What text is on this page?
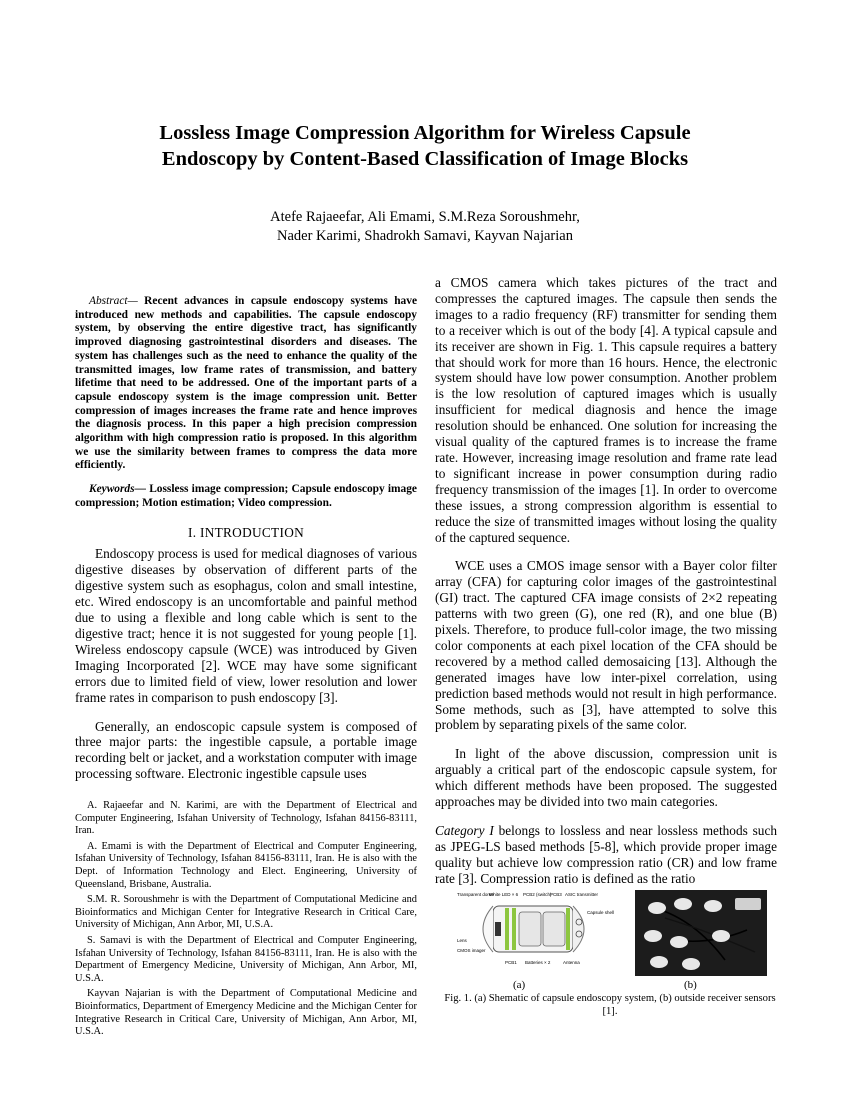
Lossless Image Compression Algorithm for Wireless Capsule
Endoscopy by Content-Based Classification of Image Blocks
Atefe Rajaeefar, Ali Emami, S.M.Reza Soroushmehr,
Nader Karimi, Shadrokh Samavi, Kayvan Najarian

Abstract— Recent advances in capsule endoscopy systems have introduced new methods and capabilities. The capsule endoscopy system, by observing the entire digestive tract, has significantly improved diagnosing gastrointestinal disorders and diseases. The system has challenges such as the need to enhance the quality of the transmitted images, low frame rates of transmission, and battery lifetime that need to be addressed. One of the important parts of a capsule endoscopy system is the image compression unit. Better compression of images increases the frame rate and hence improves the diagnosis process. In this paper a high precision compression algorithm with high compression ratio is proposed. In this algorithm we use the similarity between frames to compress the data more efficiently.

Keywords— Lossless image compression; Capsule endoscopy image compression; Motion estimation; Video compression.

I. INTRODUCTION

Endoscopy process is used for medical diagnoses of various digestive diseases by observation of different parts of the digestive system such as esophagus, colon and small intestine, etc. Wired endoscopy is an uncomfortable and painful method due to using a flexible and long cable which is sent to the digestive tract; hence it is not suggested for young people [1]. Wireless endoscopy capsule (WCE) was introduced by Given Imaging Incorporated [2]. WCE may have some significant errors due to limited field of view, lower resolution and lower frame rates in comparison to push endoscopy [3].

Generally, an endoscopic capsule system is composed of three major parts: the ingestible capsule, a portable image recording belt or jacket, and a workstation computer with image processing software. Electronic ingestible capsule uses

A. Rajaeefar and N. Karimi, are with the Department of Electrical and Computer Engineering, Isfahan University of Technology, Isfahan 84156-83111, Iran.

A. Emami is with the Department of Electrical and Computer Engineering, Isfahan University of Technology, Isfahan 84156-83111, Iran. He is also with the Dept. of Information Technology and Elect. Engineering, University of Queensland, Brisbane, Australia.

S.M. R. Soroushmehr is with the Department of Computational Medicine and Bioinformatics and Michigan Center for Integrative Research in Critical Care, University of Michigan, Ann Arbor, MI, U.S.A.

S. Samavi is with the Department of Electrical and Computer Engineering, Isfahan University of Technology, Isfahan 84156-83111, Iran. He is also with the Department of Emergency Medicine, University of Michigan, Ann Arbor, MI, U.S.A.

Kayvan Najarian is with the Department of Computational Medicine and Bioinformatics, Department of Emergency Medicine and the Michigan Center for Integrative Research in Critical Care, University of Michigan, Ann Arbor, MI, U.S.A.

a CMOS camera which takes pictures of the tract and compresses the captured images. The capsule then sends the images to a radio frequency (RF) transmitter for sending them to a receiver which is out of the body [4]. A typical capsule and its receiver are shown in Fig. 1. This capsule requires a battery that should work for more than 16 hours. Hence, the electronic system should have low power consumption. Another problem is the low resolution of captured images which is usually insufficient for medical diagnosis and hence the image resolution should be enhanced. One solution for increasing the visual quality of the captured frames is to increase the frame rate. However, increasing image resolution and frame rate lead to significant increase in power consumption during radio frequency transmission of the images [1]. In order to overcome these issues, a strong compression algorithm is essential to reduce the size of transmitted images without losing the quality of the captured sequence.

WCE uses a CMOS image sensor with a Bayer color filter array (CFA) for capturing color images of the gastrointestinal (GI) tract. The captured CFA image consists of 2×2 repeating patterns with two green (G), one red (R), and one blue (B) pixels. Therefore, to produce full-color image, the two missing color components at each pixel location of the CFA should be recovered by a method called demosaicing [13]. Although the generated images have low inter-pixel correlation, using prediction based methods would not result in high performance. Some methods, such as [3], have attempted to solve this problem by separating pixels of the same color.

In light of the above discussion, compression unit is arguably a critical part of the endoscopic capsule system, for which different methods have been proposed. The suggested approaches may be divided into two main categories.

Category I belongs to lossless and near lossless methods such as JPEG-LS based methods [5-8], which provide proper image quality but achieve low compression ratio (CR) and low frame rate [3]. Compression ratio is defined as the ratio

Transparent dome
White LED × 6 PCB2 (switch)
PCB3 ASIC transmitter
Capsule shell
Lens
CMOS imager
PCB1 Batteries × 2	Antenna
(a)	(b)
Fig. 1. (a) Shematic of capsule endoscopy system, (b) outside receiver sensors [1].
